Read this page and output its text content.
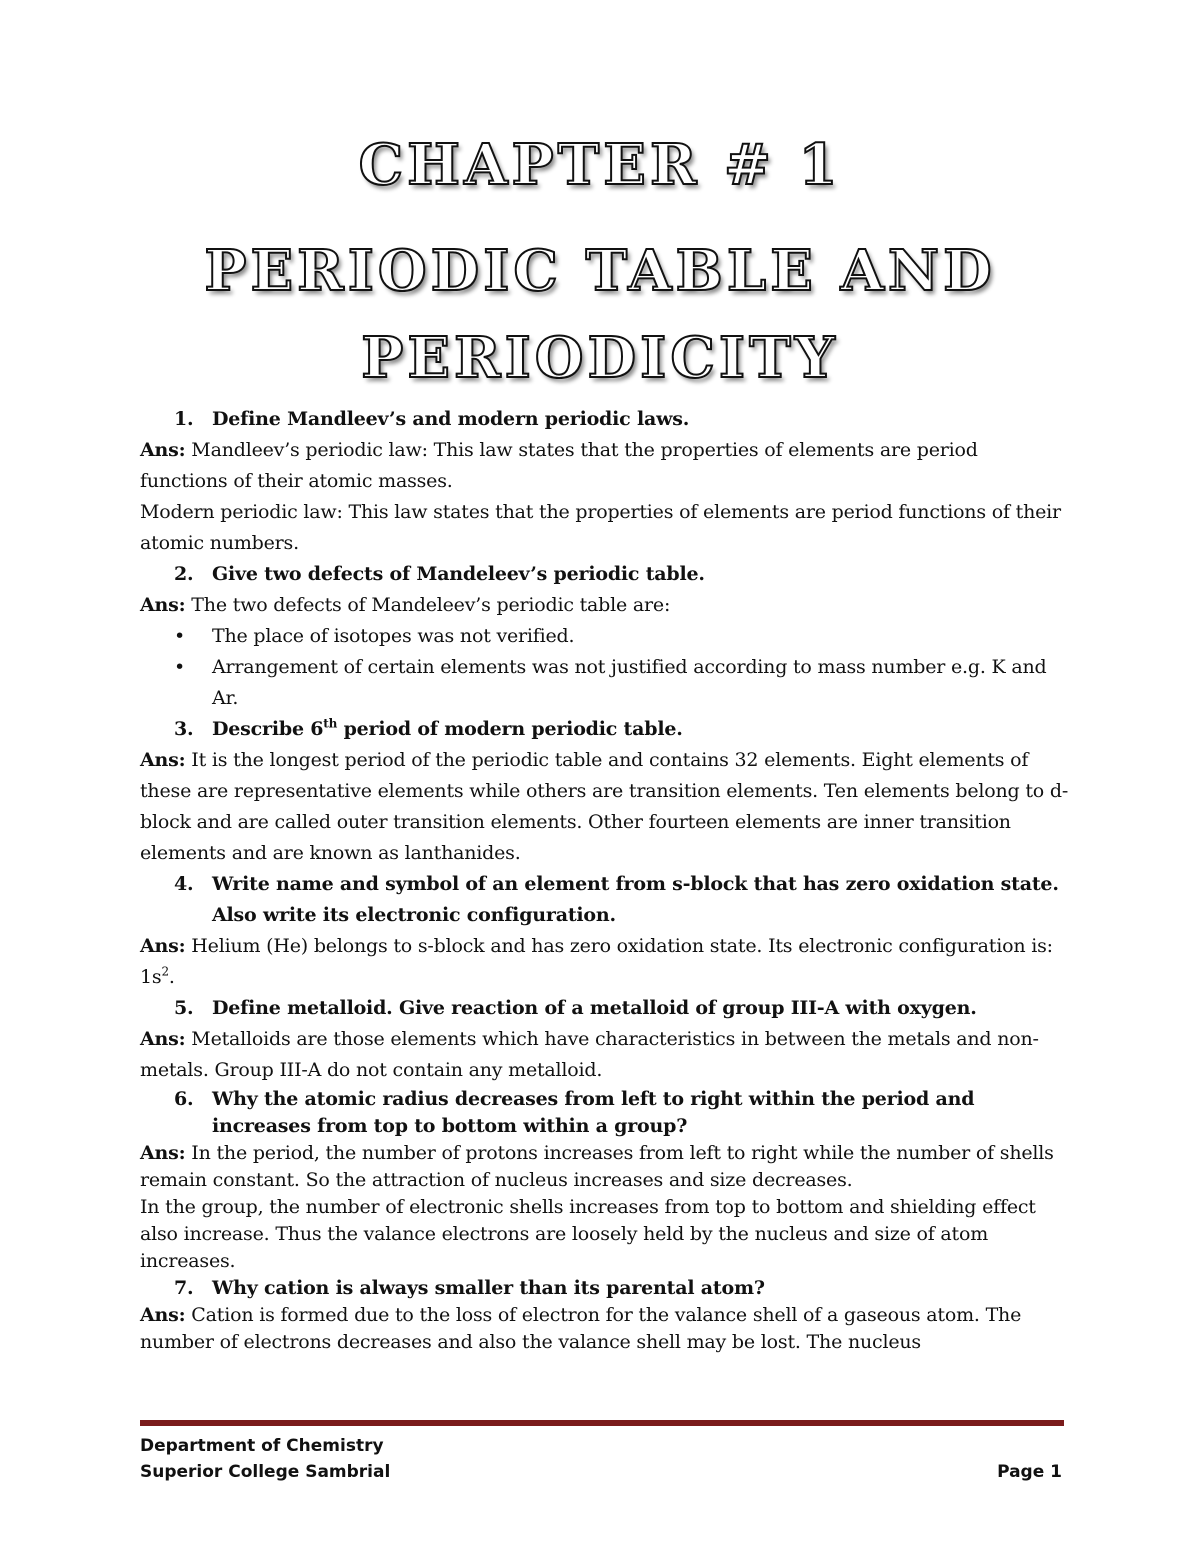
CHAPTER # 1
PERIODIC TABLE AND
PERIODICITY
1. Define Mandleev’s and modern periodic laws.
Ans: Mandleev’s periodic law: This law states that the properties of elements are period functions of their atomic masses.
Modern periodic law: This law states that the properties of elements are period functions of their atomic numbers.
2. Give two defects of Mandeleev’s periodic table.
Ans: The two defects of Mandeleev’s periodic table are:
•	The place of isotopes was not verified.
•	Arrangement of certain elements was not justified according to mass number e.g. K and Ar.
3. Describe 6th period of modern periodic table.
Ans: It is the longest period of the periodic table and contains 32 elements. Eight elements of these are representative elements while others are transition elements. Ten elements belong to d-block and are called outer transition elements. Other fourteen elements are inner transition elements and are known as lanthanides.
4. Write name and symbol of an element from s-block that has zero oxidation state. Also write its electronic configuration.
Ans: Helium (He) belongs to s-block and has zero oxidation state. Its electronic configuration is: $1s^2$.
5. Define metalloid. Give reaction of a metalloid of group III-A with oxygen.
Ans: Metalloids are those elements which have characteristics in between the metals and non-metals. Group III-A do not contain any metalloid.
6. Why the atomic radius decreases from left to right within the period and increases from top to bottom within a group?
Ans: In the period, the number of protons increases from left to right while the number of shells remain constant. So the attraction of nucleus increases and size decreases.
In the group, the number of electronic shells increases from top to bottom and shielding effect also increase. Thus the valance electrons are loosely held by the nucleus and size of atom increases.
7. Why cation is always smaller than its parental atom?
Ans: Cation is formed due to the loss of electron for the valance shell of a gaseous atom. The number of electrons decreases and also the valance shell may be lost. The nucleus
Department of Chemistry
Superior College Sambrial	Page 1
